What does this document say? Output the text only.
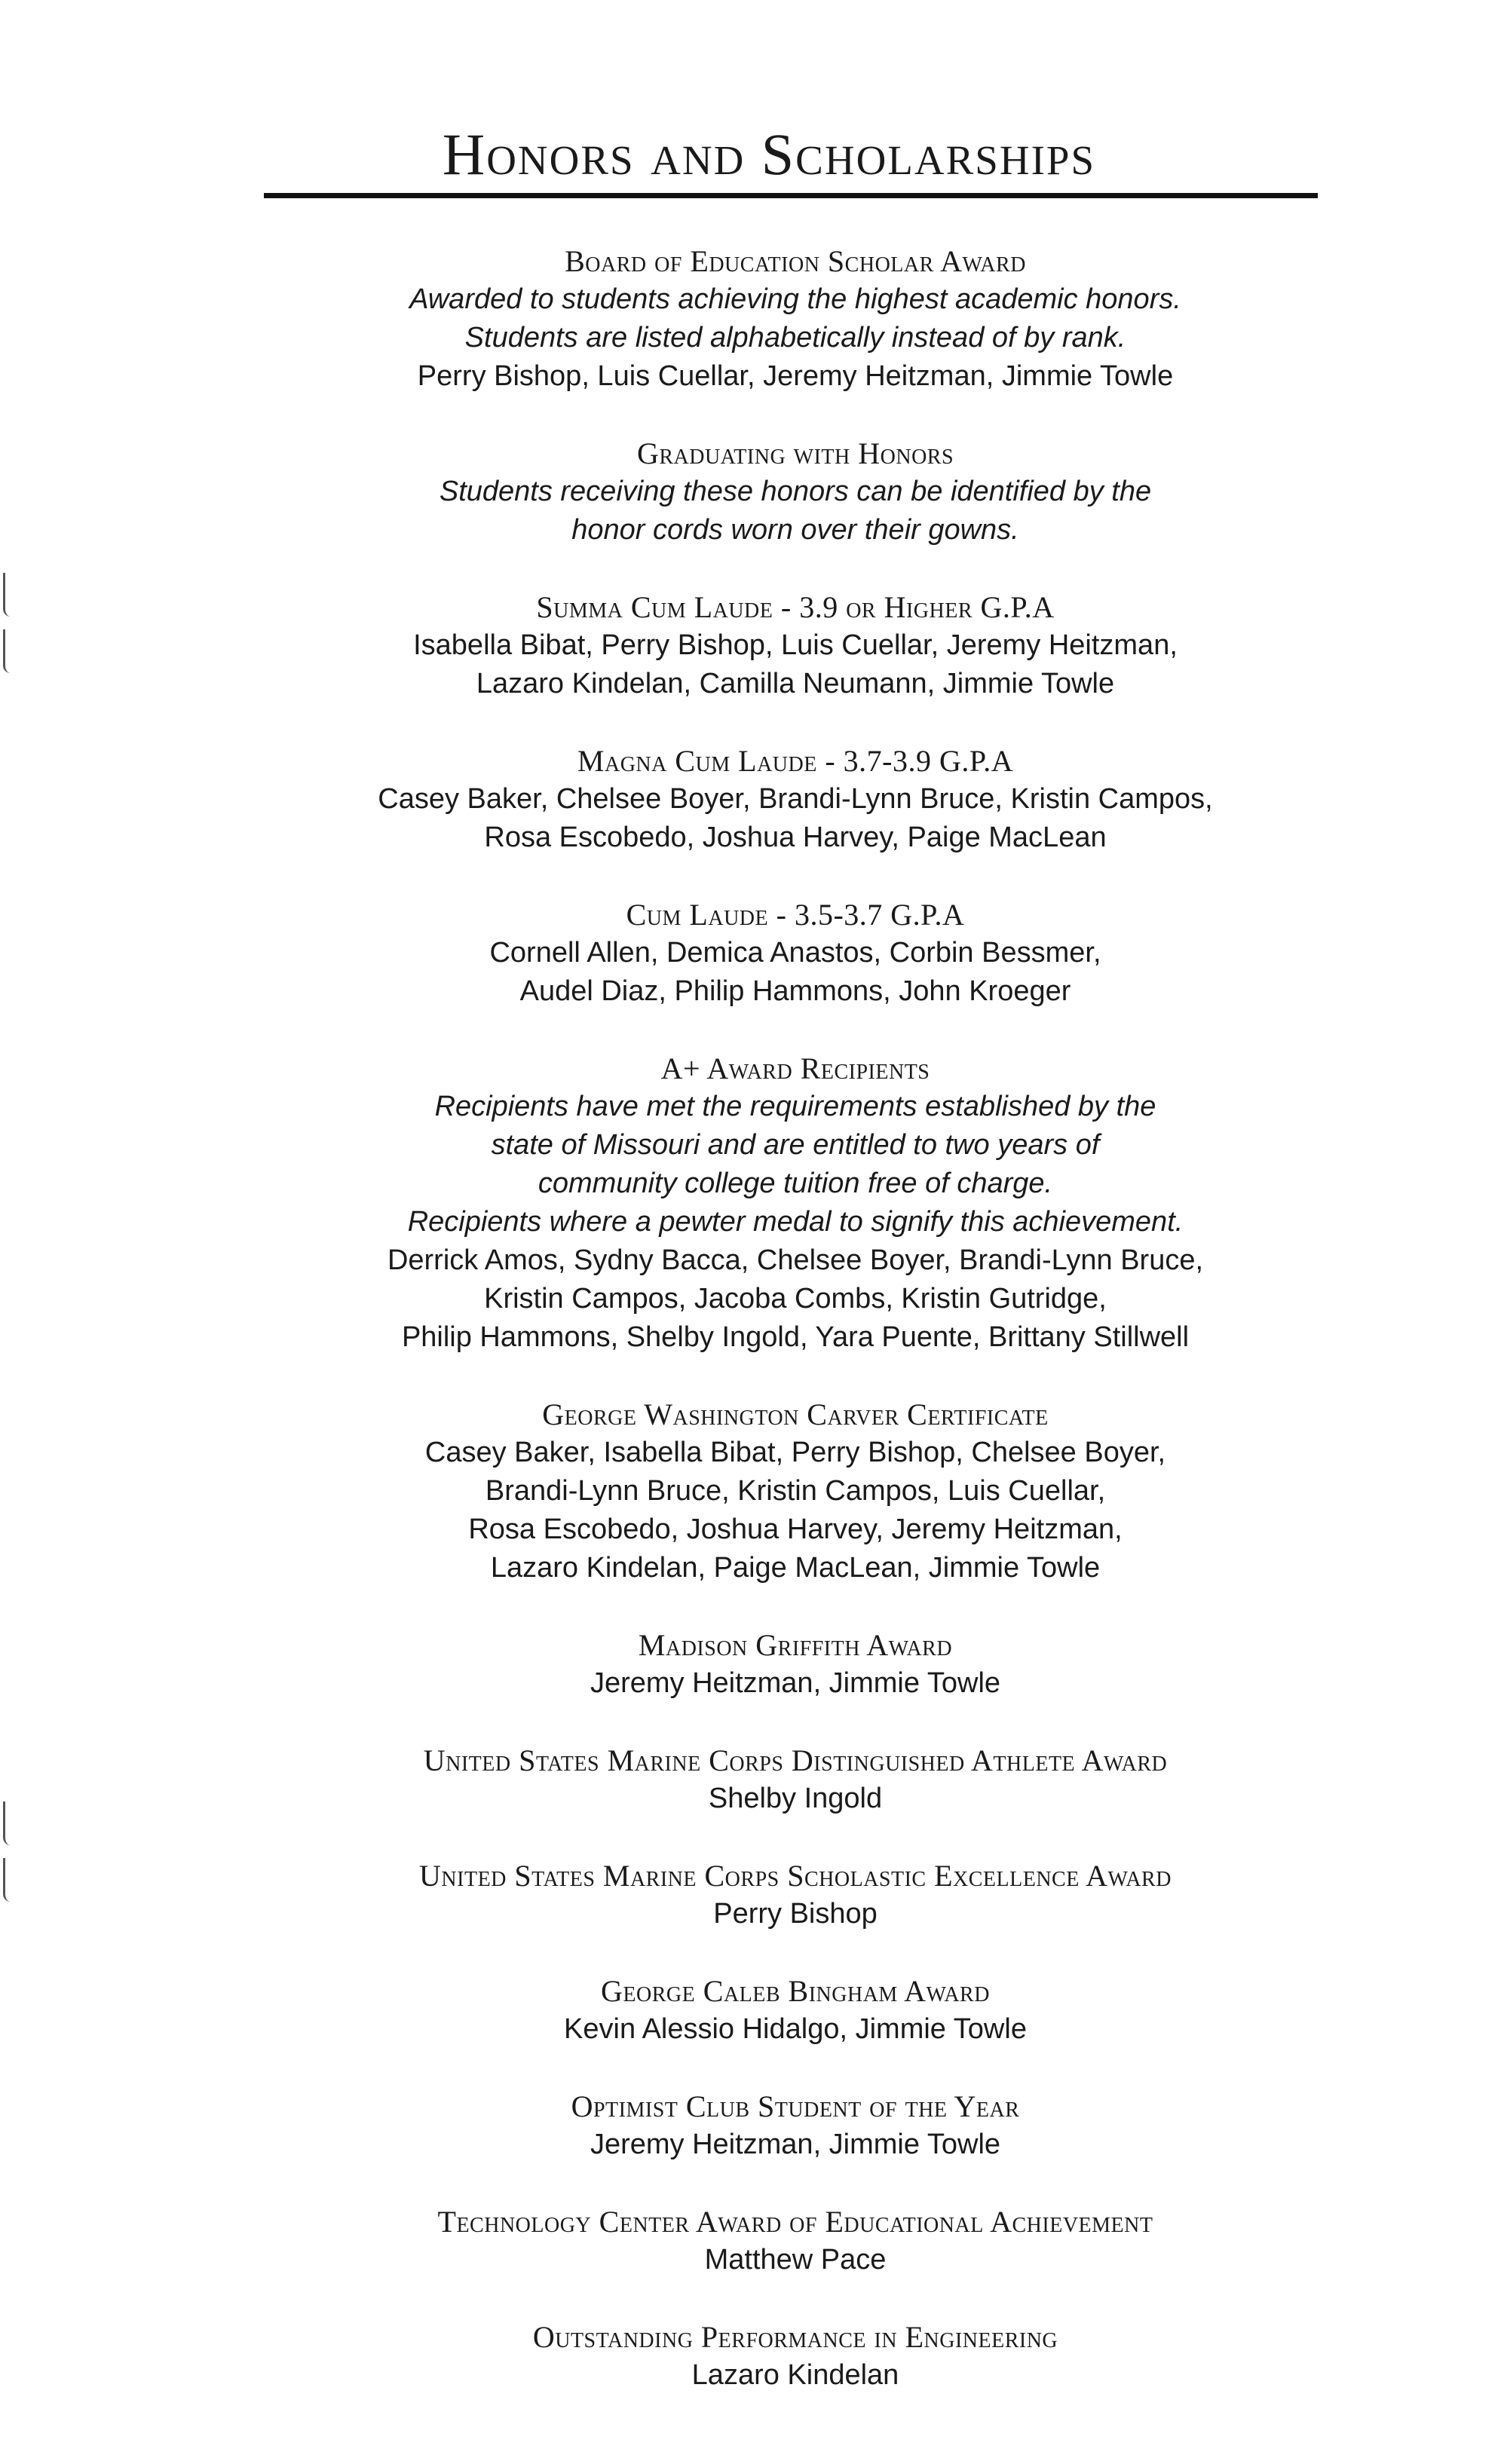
Honors and Scholarships
Board of Education Scholar Award
Awarded to students achieving the highest academic honors.
Students are listed alphabetically instead of by rank.
Perry Bishop, Luis Cuellar, Jeremy Heitzman, Jimmie Towle
Graduating with Honors
Students receiving these honors can be identified by the
honor cords worn over their gowns.
Summa Cum Laude - 3.9 or Higher G.P.A
Isabella Bibat, Perry Bishop, Luis Cuellar, Jeremy Heitzman,
Lazaro Kindelan, Camilla Neumann, Jimmie Towle
Magna Cum Laude - 3.7-3.9 G.P.A
Casey Baker, Chelsee Boyer, Brandi-Lynn Bruce, Kristin Campos,
Rosa Escobedo, Joshua Harvey, Paige MacLean
Cum Laude - 3.5-3.7 G.P.A
Cornell Allen, Demica Anastos, Corbin Bessmer,
Audel Diaz, Philip Hammons, John Kroeger
A+ Award Recipients
Recipients have met the requirements established by the
state of Missouri and are entitled to two years of
community college tuition free of charge.
Recipients where a pewter medal to signify this achievement.
Derrick Amos, Sydny Bacca, Chelsee Boyer, Brandi-Lynn Bruce,
Kristin Campos, Jacoba Combs, Kristin Gutridge,
Philip Hammons, Shelby Ingold, Yara Puente, Brittany Stillwell
George Washington Carver Certificate
Casey Baker, Isabella Bibat, Perry Bishop, Chelsee Boyer,
Brandi-Lynn Bruce, Kristin Campos, Luis Cuellar,
Rosa Escobedo, Joshua Harvey, Jeremy Heitzman,
Lazaro Kindelan, Paige MacLean, Jimmie Towle
Madison Griffith Award
Jeremy Heitzman, Jimmie Towle
United States Marine Corps Distinguished Athlete Award
Shelby Ingold
United States Marine Corps Scholastic Excellence Award
Perry Bishop
George Caleb Bingham Award
Kevin Alessio Hidalgo, Jimmie Towle
Optimist Club Student of the Year
Jeremy Heitzman, Jimmie Towle
Technology Center Award of Educational Achievement
Matthew Pace
Outstanding Performance in Engineering
Lazaro Kindelan
